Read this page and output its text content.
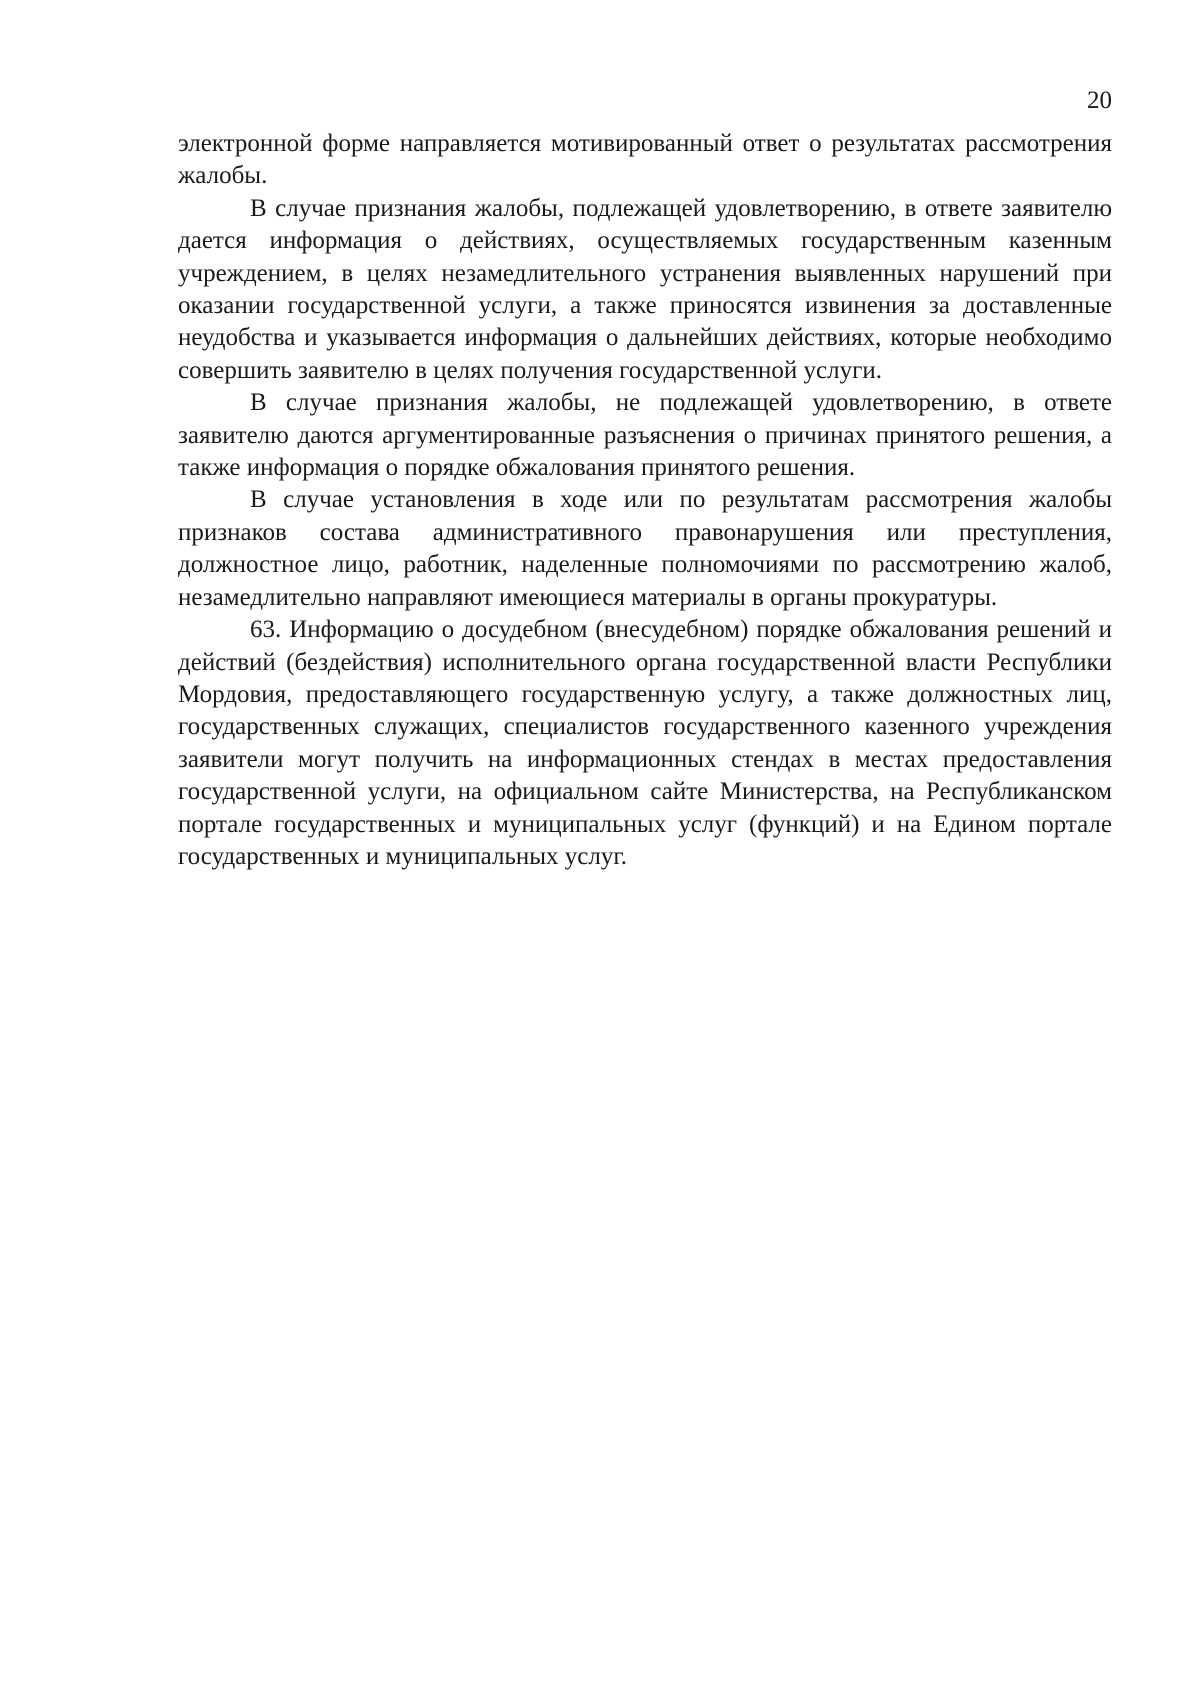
20

электронной форме направляется мотивированный ответ о результатах рассмотрения жалобы.

В случае признания жалобы, подлежащей удовлетворению, в ответе заявителю дается информация о действиях, осуществляемых государственным казенным учреждением, в целях незамедлительного устранения выявленных нарушений при оказании государственной услуги, а также приносятся извинения за доставленные неудобства и указывается информация о дальнейших действиях, которые необходимо совершить заявителю в целях получения государственной услуги.

В случае признания жалобы, не подлежащей удовлетворению, в ответе заявителю даются аргументированные разъяснения о причинах принятого решения, а также информация о порядке обжалования принятого решения.

В случае установления в ходе или по результатам рассмотрения жалобы признаков состава административного правонарушения или преступления, должностное лицо, работник, наделенные полномочиями по рассмотрению жалоб, незамедлительно направляют имеющиеся материалы в органы прокуратуры.

63. Информацию о досудебном (внесудебном) порядке обжалования решений и действий (бездействия) исполнительного органа государственной власти Республики Мордовия, предоставляющего государственную услугу, а также должностных лиц, государственных служащих, специалистов государственного казенного учреждения заявители могут получить на информационных стендах в местах предоставления государственной услуги, на официальном сайте Министерства, на Республиканском портале государственных и муниципальных услуг (функций) и на Едином портале государственных и муниципальных услуг.
